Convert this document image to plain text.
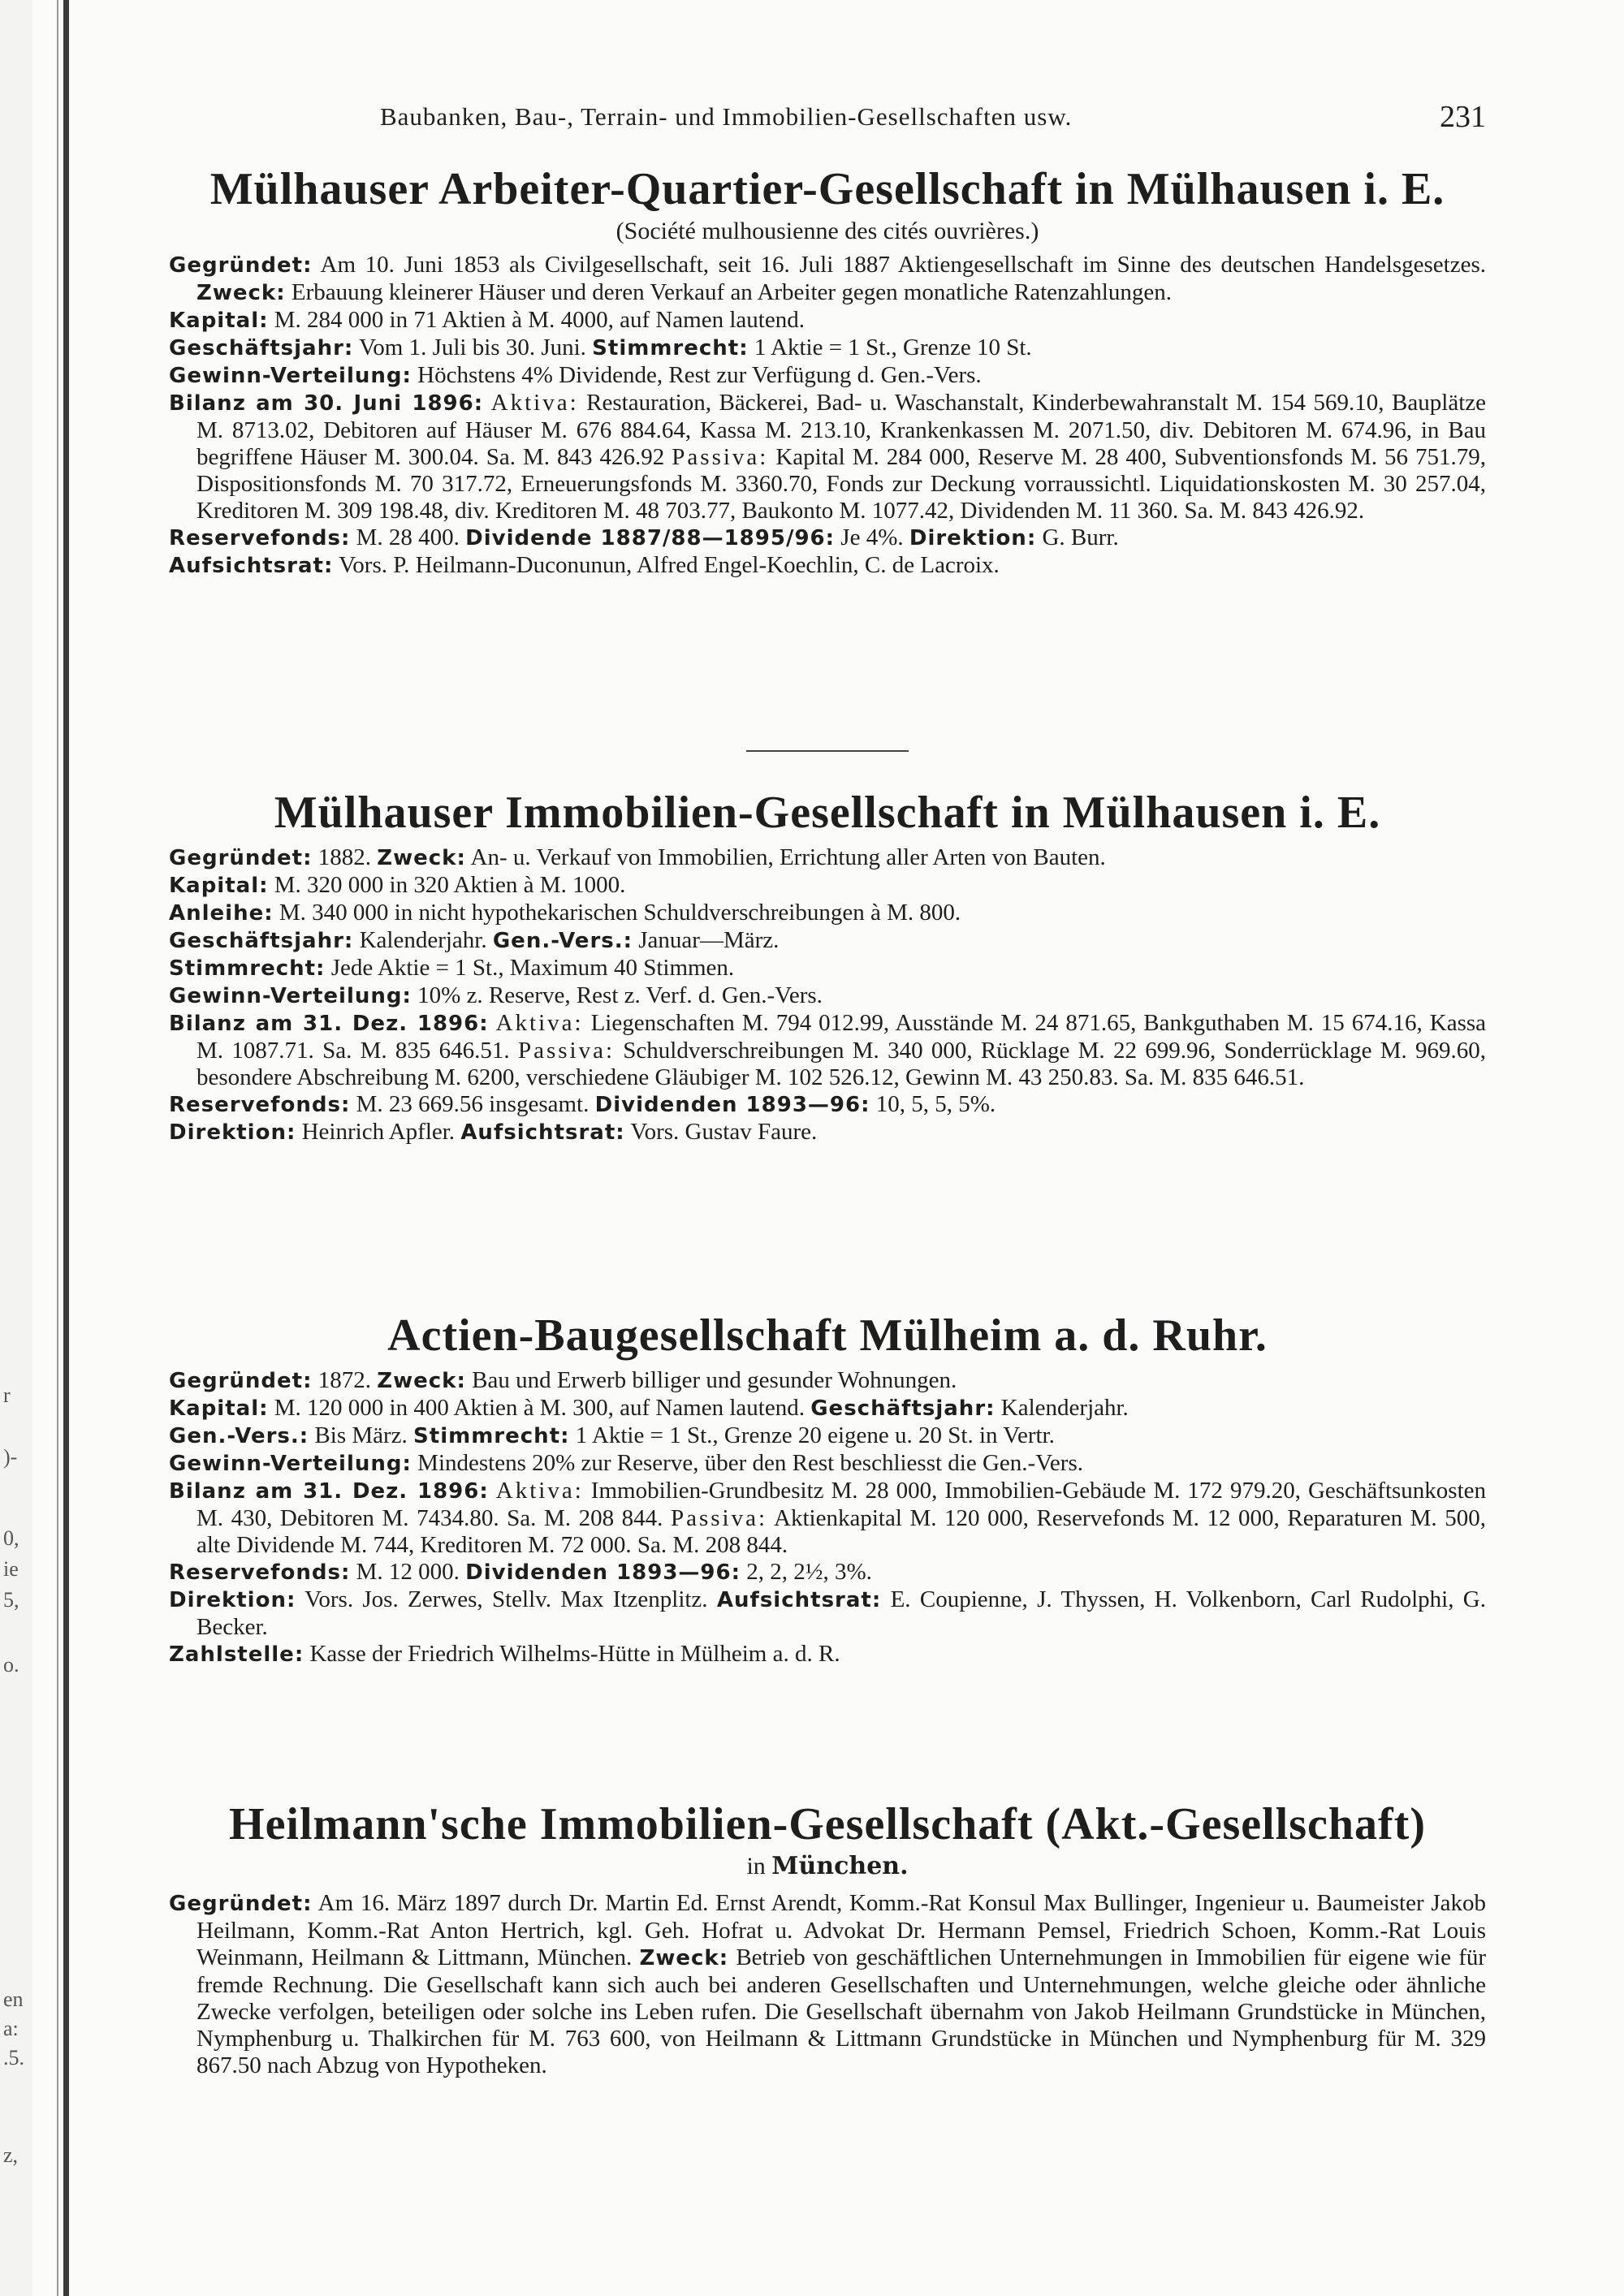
r
)-
0,
ie
5,
o.
en
a:
.5.
z,
Baubanken, Bau-, Terrain- und Immobilien-Gesellschaften usw.	231
Mülhauser Arbeiter-Quartier-Gesellschaft in Mülhausen i. E.

(Société mulhousienne des cités ouvrières.)

Gegründet: Am 10. Juni 1853 als Civilgesellschaft, seit 16. Juli 1887 Aktiengesellschaft im Sinne des deutschen Handelsgesetzes. Zweck: Erbauung kleinerer Häuser und deren Verkauf an Arbeiter gegen monatliche Ratenzahlungen.

Kapital: M. 284 000 in 71 Aktien à M. 4000, auf Namen lautend.

Geschäftsjahr: Vom 1. Juli bis 30. Juni. Stimmrecht: 1 Aktie = 1 St., Grenze 10 St.

Gewinn-Verteilung: Höchstens 4% Dividende, Rest zur Verfügung d. Gen.-Vers.

Bilanz am 30. Juni 1896: Aktiva: Restauration, Bäckerei, Bad- u. Waschanstalt, Kinderbewahranstalt M. 154 569.10, Bauplätze M. 8713.02, Debitoren auf Häuser M. 676 884.64, Kassa M. 213.10, Krankenkassen M. 2071.50, div. Debitoren M. 674.96, in Bau begriffene Häuser M. 300.04. Sa. M. 843 426.92 Passiva: Kapital M. 284 000, Reserve M. 28 400, Subventionsfonds M. 56 751.79, Dispositionsfonds M. 70 317.72, Erneuerungsfonds M. 3360.70, Fonds zur Deckung vorraussichtl. Liquidationskosten M. 30 257.04, Kreditoren M. 309 198.48, div. Kreditoren M. 48 703.77, Baukonto M. 1077.42, Dividenden M. 11 360. Sa. M. 843 426.92.

Reservefonds: M. 28 400. Dividende 1887/88—1895/96: Je 4%. Direktion: G. Burr.

Aufsichtsrat: Vors. P. Heilmann-Duconunun, Alfred Engel-Koechlin, C. de Lacroix.

Mülhauser Immobilien-Gesellschaft in Mülhausen i. E.

Gegründet: 1882. Zweck: An- u. Verkauf von Immobilien, Errichtung aller Arten von Bauten.

Kapital: M. 320 000 in 320 Aktien à M. 1000.

Anleihe: M. 340 000 in nicht hypothekarischen Schuldverschreibungen à M. 800.

Geschäftsjahr: Kalenderjahr. Gen.-Vers.: Januar—März.

Stimmrecht: Jede Aktie = 1 St., Maximum 40 Stimmen.

Gewinn-Verteilung: 10% z. Reserve, Rest z. Verf. d. Gen.-Vers.

Bilanz am 31. Dez. 1896: Aktiva: Liegenschaften M. 794 012.99, Ausstände M. 24 871.65, Bankguthaben M. 15 674.16, Kassa M. 1087.71. Sa. M. 835 646.51. Passiva: Schuldverschreibungen M. 340 000, Rücklage M. 22 699.96, Sonderrücklage M. 969.60, besondere Abschreibung M. 6200, verschiedene Gläubiger M. 102 526.12, Gewinn M. 43 250.83. Sa. M. 835 646.51.

Reservefonds: M. 23 669.56 insgesamt. Dividenden 1893—96: 10, 5, 5, 5%.

Direktion: Heinrich Apfler. Aufsichtsrat: Vors. Gustav Faure.

Actien-Baugesellschaft Mülheim a. d. Ruhr.

Gegründet: 1872. Zweck: Bau und Erwerb billiger und gesunder Wohnungen.

Kapital: M. 120 000 in 400 Aktien à M. 300, auf Namen lautend. Geschäftsjahr: Kalenderjahr.

Gen.-Vers.: Bis März. Stimmrecht: 1 Aktie = 1 St., Grenze 20 eigene u. 20 St. in Vertr.

Gewinn-Verteilung: Mindestens 20% zur Reserve, über den Rest beschliesst die Gen.-Vers.

Bilanz am 31. Dez. 1896: Aktiva: Immobilien-Grundbesitz M. 28 000, Immobilien-Gebäude M. 172 979.20, Geschäftsunkosten M. 430, Debitoren M. 7434.80. Sa. M. 208 844. Passiva: Aktienkapital M. 120 000, Reservefonds M. 12 000, Reparaturen M. 500, alte Dividende M. 744, Kreditoren M. 72 000. Sa. M. 208 844.

Reservefonds: M. 12 000. Dividenden 1893—96: 2, 2, 2½, 3%.

Direktion: Vors. Jos. Zerwes, Stellv. Max Itzenplitz. Aufsichtsrat: E. Coupienne, J. Thyssen, H. Volkenborn, Carl Rudolphi, G. Becker.

Zahlstelle: Kasse der Friedrich Wilhelms-Hütte in Mülheim a. d. R.

Heilmann'sche Immobilien-Gesellschaft (Akt.-Gesellschaft)

in München.

Gegründet: Am 16. März 1897 durch Dr. Martin Ed. Ernst Arendt, Komm.-Rat Konsul Max Bullinger, Ingenieur u. Baumeister Jakob Heilmann, Komm.-Rat Anton Hertrich, kgl. Geh. Hofrat u. Advokat Dr. Hermann Pemsel, Friedrich Schoen, Komm.-Rat Louis Weinmann, Heilmann & Littmann, München. Zweck: Betrieb von geschäftlichen Unternehmungen in Immobilien für eigene wie für fremde Rechnung. Die Gesellschaft kann sich auch bei anderen Gesellschaften und Unternehmungen, welche gleiche oder ähnliche Zwecke verfolgen, beteiligen oder solche ins Leben rufen. Die Gesellschaft übernahm von Jakob Heilmann Grundstücke in München, Nymphenburg u. Thalkirchen für M. 763 600, von Heilmann & Littmann Grundstücke in München und Nymphenburg für M. 329 867.50 nach Abzug von Hypotheken.
